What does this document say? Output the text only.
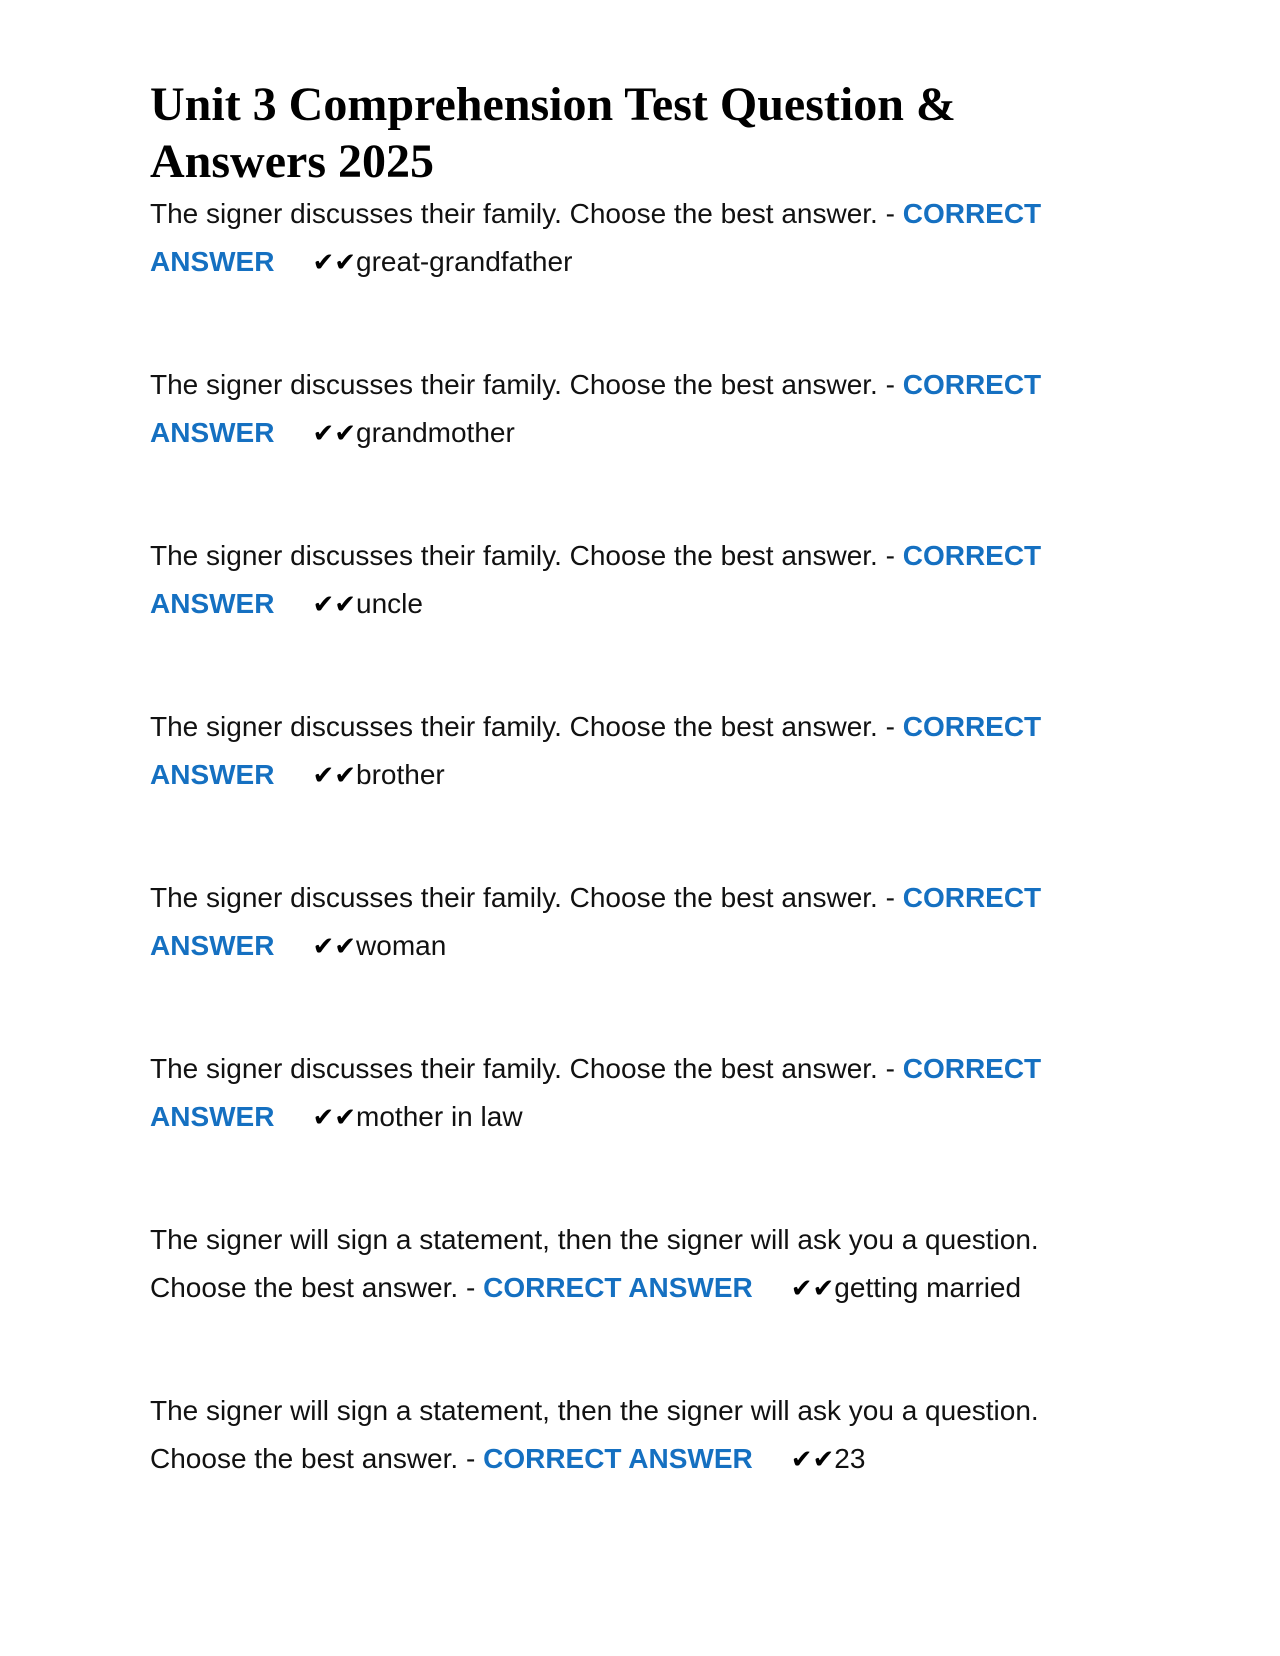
Unit 3 Comprehension Test Question & Answers 2025
The signer discusses their family. Choose the best answer. - CORRECT ANSWER ✔✔great-grandfather
The signer discusses their family. Choose the best answer. - CORRECT ANSWER ✔✔grandmother
The signer discusses their family. Choose the best answer. - CORRECT ANSWER ✔✔uncle
The signer discusses their family. Choose the best answer. - CORRECT ANSWER ✔✔brother
The signer discusses their family. Choose the best answer. - CORRECT ANSWER ✔✔woman
The signer discusses their family. Choose the best answer. - CORRECT ANSWER ✔✔mother in law
The signer will sign a statement, then the signer will ask you a question. Choose the best answer. - CORRECT ANSWER ✔✔getting married
The signer will sign a statement, then the signer will ask you a question. Choose the best answer. - CORRECT ANSWER ✔✔23
